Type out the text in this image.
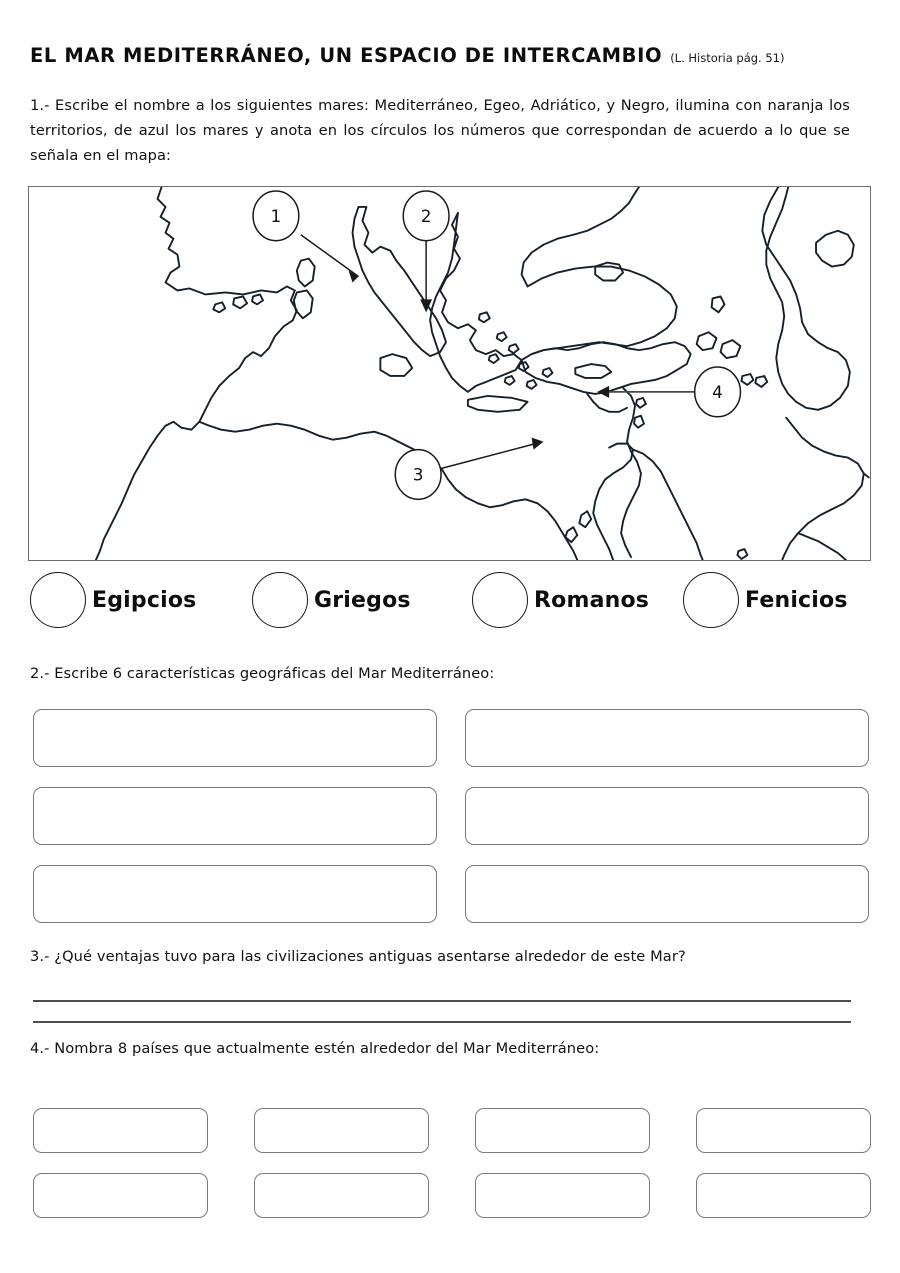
EL MAR MEDITERRÁNEO, UN ESPACIO DE INTERCAMBIO (L. Historia pág. 51)
1.- Escribe el nombre a los siguientes mares: Mediterráneo, Egeo, Adriático, y Negro, ilumina con naranja los territorios, de azul los mares y anota en los círculos los números que correspondan de acuerdo a lo que se señala en el mapa:
1	2
3
4
Egipcios	Griegos	Romanos	Fenicios
2.- Escribe 6 características geográficas del Mar Mediterráneo:
3.- ¿Qué ventajas tuvo para las civilizaciones antiguas asentarse alrededor de este Mar?
4.- Nombra 8 países que actualmente estén alrededor del Mar Mediterráneo:
